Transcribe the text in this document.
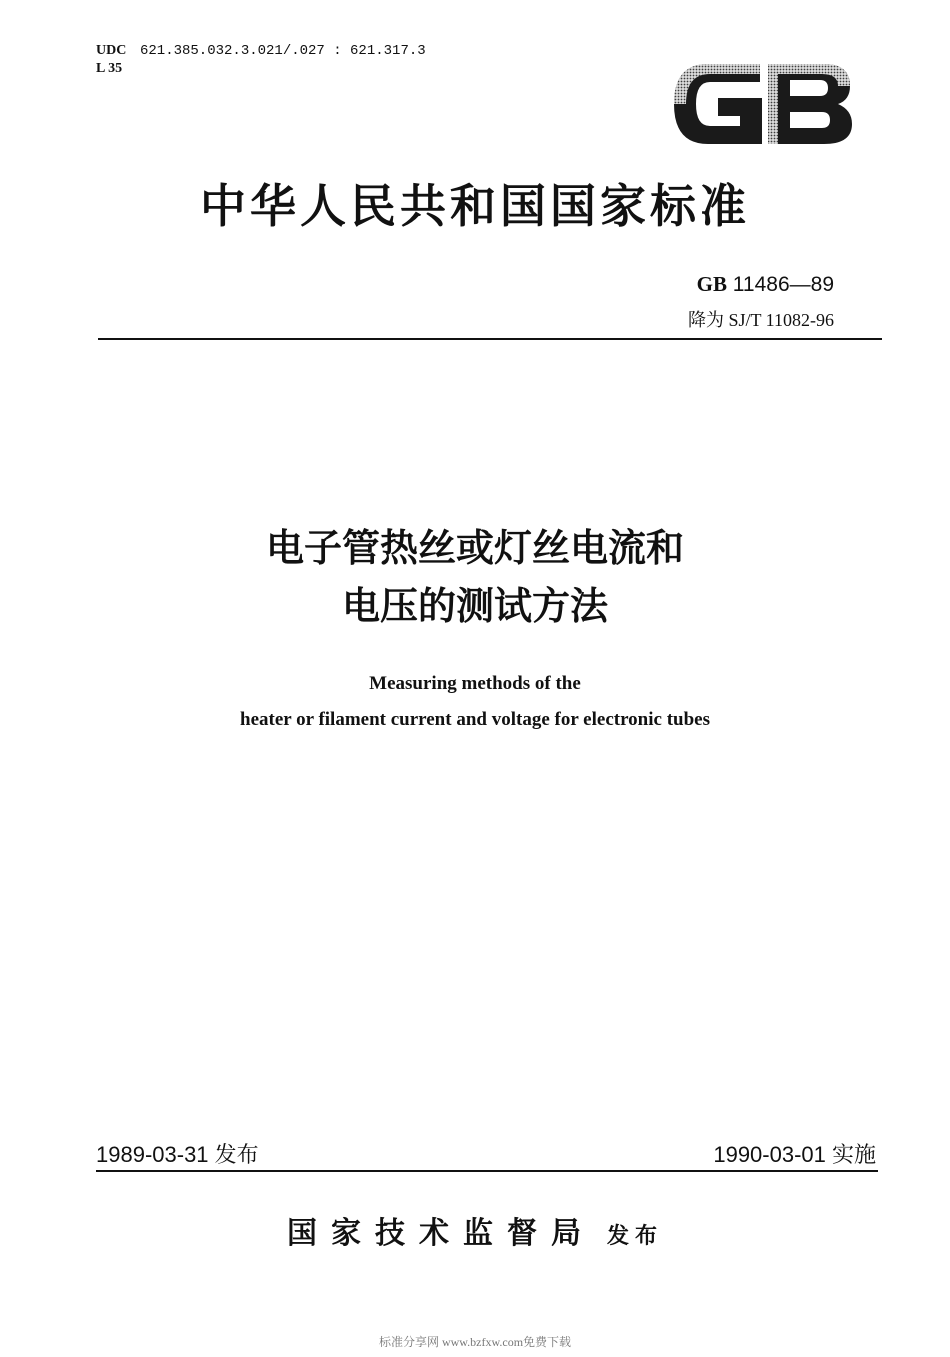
UDC 621.385.032.3.021/.027 : 621.317.3
L 35
中华人民共和国国家标准
GB 11486—89
降为 SJ/T 11082-96
电子管热丝或灯丝电流和
电压的测试方法
Measuring methods of the
heater or filament current and voltage for electronic tubes
1989-03-31 发布	1990-03-01 实施
国家技术监督局 发布
标准分享网 www.bzfxw.com免费下载
